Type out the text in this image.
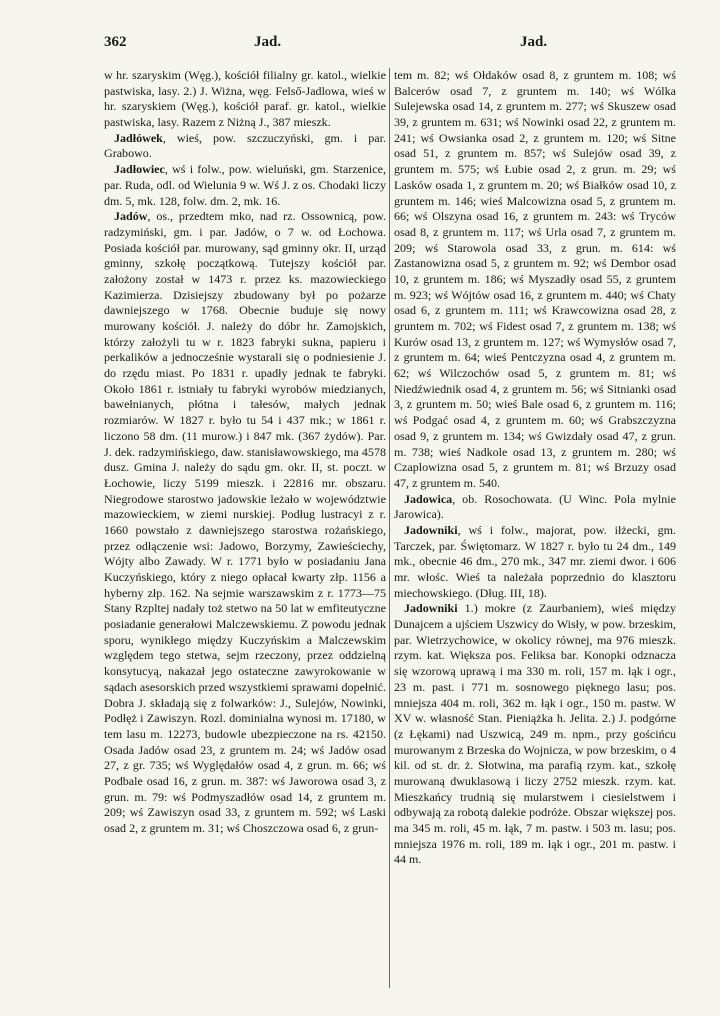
362	Jad.	Jad.

w hr. szaryskim (Węg.), kościół filialny gr. katol., wielkie pastwiska, lasy. 2.) J. Wiżna, węg. Felső-Jadlowa, wieś w hr. szaryskiem (Węg.), kościół paraf. gr. katol., wielkie pastwiska, lasy. Razem z Niżną J., 387 mieszk.

Jadłówek, wieś, pow. szczuczyński, gm. i par. Grabowo.

Jadłowiec, wś i folw., pow. wieluński, gm. Starzenice, par. Ruda, odl. od Wielunia 9 w. Wś J. z os. Chodaki liczy dm. 5, mk. 128, folw. dm. 2, mk. 16.

Jadów, os., przedtem mko, nad rz. Ossownicą, pow. radzymiński, gm. i par. Jadów, o 7 w. od Łochowa. Posiada kościół par. murowany, sąd gminny okr. II, urząd gminny, szkołę początkową. Tutejszy kościół par. założony został w 1473 r. przez ks. mazowieckiego Kazimierza. Dzisiejszy zbudowany był po pożarze dawniejszego w 1768. Obecnie buduje się nowy murowany kościół. J. należy do dóbr hr. Zamojskich, którzy założyli tu w r. 1823 fabryki sukna, papieru i perkalików a jednocześnie wystarali się o podniesienie J. do rzędu miast. Po 1831 r. upadły jednak te fabryki. Około 1861 r. istniały tu fabryki wyrobów miedzianych, bawełnianych, płótna i tałesów, małych jednak rozmiarów. W 1827 r. było tu 54 i 437 mk.; w 1861 r. liczono 58 dm. (11 murow.) i 847 mk. (367 żydów). Par. J. dek. radzymińskiego, daw. stanisławowskiego, ma 4578 dusz. Gmina J. należy do sądu gm. okr. II, st. poczt. w Łochowie, liczy 5199 mieszk. i 22816 mr. obszaru. Niegrodowe starostwo jadowskie leżało w województwie mazowieckiem, w ziemi nurskiej. Podług lustracyi z r. 1660 powstało z dawniejszego starostwa rożańskiego, przez odłączenie wsi: Jadowo, Borzymy, Zawieściechy, Wójty albo Zawady. W r. 1771 było w posiadaniu Jana Kuczyńskiego, który z niego opłacał kwarty złp. 1156 a hyberny złp. 162. Na sejmie warszawskim z r. 1773—75 Stany Rzpltej nadały toż stetwo na 50 lat w emfiteutyczne posiadanie generałowi Malczewskiemu. Z powodu jednak sporu, wynikłego między Kuczyńskim a Malczewskim względem tego stetwa, sejm rzeczony, przez oddzielną konsytucyą, nakazał jego ostateczne zawyrokowanie w sądach asesorskich przed wszystkiemi sprawami dopełnić. Dobra J. składają się z folwarków: J., Sulejów, Nowinki, Podłęż i Zawiszyn. Rozl. dominialna wynosi m. 17180, w tem lasu m. 12273, budowle ubezpieczone na rs. 42150. Osada Jadów osad 23, z gruntem m. 24; wś Jadów osad 27, z gr. 735; wś Wyględałów osad 4, z grun. m. 66; wś Podbale osad 16, z grun. m. 387: wś Jaworowa osad 3, z grun. m. 79: wś Podmyszadłów osad 14, z gruntem m. 209; wś Zawiszyn osad 33, z gruntem m. 592; wś Laski osad 2, z gruntem m. 31; wś Choszczowa osad 6, z grun-

tem m. 82; wś Ołdaków osad 8, z gruntem m. 108; wś Balcerów osad 7, z gruntem m. 140; wś Wólka Sulejewska osad 14, z gruntem m. 277; wś Skuszew osad 39, z gruntem m. 631; wś Nowinki osad 22, z gruntem m. 241; wś Owsianka osad 2, z gruntem m. 120; wś Sitne osad 51, z gruntem m. 857; wś Sulejów osad 39, z gruntem m. 575; wś Łubie osad 2, z grun. m. 29; wś Lasków osada 1, z gruntem m. 20; wś Białków osad 10, z gruntem m. 146; wieś Malcowizna osad 5, z gruntem m. 66; wś Olszyna osad 16, z gruntem m. 243: wś Tryców osad 8, z gruntem m. 117; wś Urla osad 7, z gruntem m. 209; wś Starowola osad 33, z grun. m. 614: wś Zastanowizna osad 5, z gruntem m. 92; wś Dembor osad 10, z gruntem m. 186; wś Myszadły osad 55, z gruntem m. 923; wś Wójtów osad 16, z gruntem m. 440; wś Chaty osad 6, z gruntem m. 111; wś Krawcowizna osad 28, z gruntem m. 702; wś Fidest osad 7, z gruntem m. 138; wś Kurów osad 13, z gruntem m. 127; wś Wymysłów osad 7, z gruntem m. 64; wieś Pentczyzna osad 4, z gruntem m. 62; wś Wilczochów osad 5, z gruntem m. 81; wś Niedźwiednik osad 4, z gruntem m. 56; wś Sitnianki osad 3, z gruntem m. 50; wieś Bale osad 6, z gruntem m. 116; wś Podgać osad 4, z gruntem m. 60; wś Grabszczyzna osad 9, z gruntem m. 134; wś Gwizdały osad 47, z grun. m. 738; wieś Nadkole osad 13, z gruntem m. 280; wś Czaplowizna osad 5, z gruntem m. 81; wś Brzuzy osad 47, z gruntem m. 540.

Jadowica, ob. Rosochowata. (U Winc. Pola mylnie Jarowica).

Jadowniki, wś i folw., majorat, pow. iłżecki, gm. Tarczek, par. Świętomarz. W 1827 r. było tu 24 dm., 149 mk., obecnie 46 dm., 270 mk., 347 mr. ziemi dwor. i 606 mr. włośc. Wieś ta należała poprzednio do klasztoru miechowskiego. (Dług. III, 18).

Jadowniki 1.) mokre (z Zaurbaniem), wieś między Dunajcem a ujściem Uszwicy do Wisły, w pow. brzeskim, par. Wietrzychowice, w okolicy równej, ma 976 mieszk. rzym. kat. Większa pos. Feliksa bar. Konopki odznacza się wzorową uprawą i ma 330 m. roli, 157 m. łąk i ogr., 23 m. past. i 771 m. sosnowego pięknego lasu; pos. mniejsza 404 m. roli, 362 m. łąk i ogr., 150 m. pastw. W XV w. własność Stan. Pieniążka h. Jelita. 2.) J. podgórne (z Łękami) nad Uszwicą, 249 m. npm., przy gościńcu murowanym z Brzeska do Wojnicza, w pow brzeskim, o 4 kil. od st. dr. ż. Słotwina, ma parafią rzym. kat., szkołę murowaną dwuklasową i liczy 2752 mieszk. rzym. kat. Mieszkańcy trudnią się mularstwem i ciesielstwem i odbywają za robotą dalekie podróże. Obszar większej pos. ma 345 m. roli, 45 m. łąk, 7 m. pastw. i 503 m. lasu; pos. mniejsza 1976 m. roli, 189 m. łąk i ogr., 201 m. pastw. i 44 m.
